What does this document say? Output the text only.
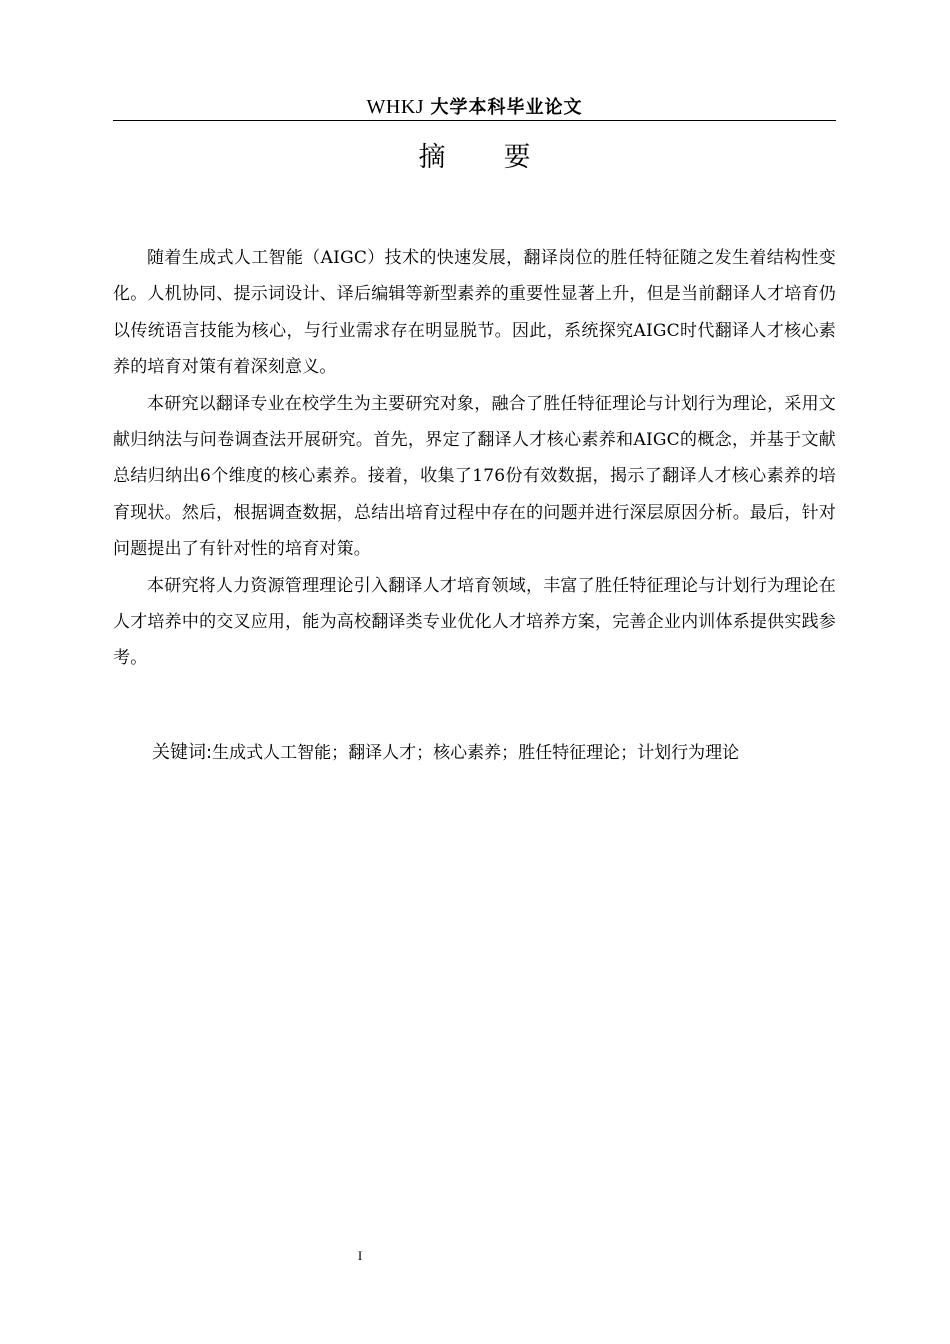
WHKJ 大学本科毕业论文
摘 要

随着生成式人工智能（AIGC）技术的快速发展，翻译岗位的胜任特征随之发生着结构性变化。人机协同、提示词设计、译后编辑等新型素养的重要性显著上升，但是当前翻译人才培育仍以传统语言技能为核心，与行业需求存在明显脱节。因此，系统探究AIGC时代翻译人才核心素养的培育对策有着深刻意义。

本研究以翻译专业在校学生为主要研究对象，融合了胜任特征理论与计划行为理论，采用文献归纳法与问卷调查法开展研究。首先，界定了翻译人才核心素养和AIGC的概念，并基于文献总结归纳出6个维度的核心素养。接着，收集了176份有效数据，揭示了翻译人才核心素养的培育现状。然后，根据调查数据，总结出培育过程中存在的问题并进行深层原因分析。最后，针对问题提出了有针对性的培育对策。

本研究将人力资源管理理论引入翻译人才培育领域，丰富了胜任特征理论与计划行为理论在人才培养中的交叉应用，能为高校翻译类专业优化人才培养方案，完善企业内训体系提供实践参考。

关键词:生成式人工智能；翻译人才；核心素养；胜任特征理论；计划行为理论
I
